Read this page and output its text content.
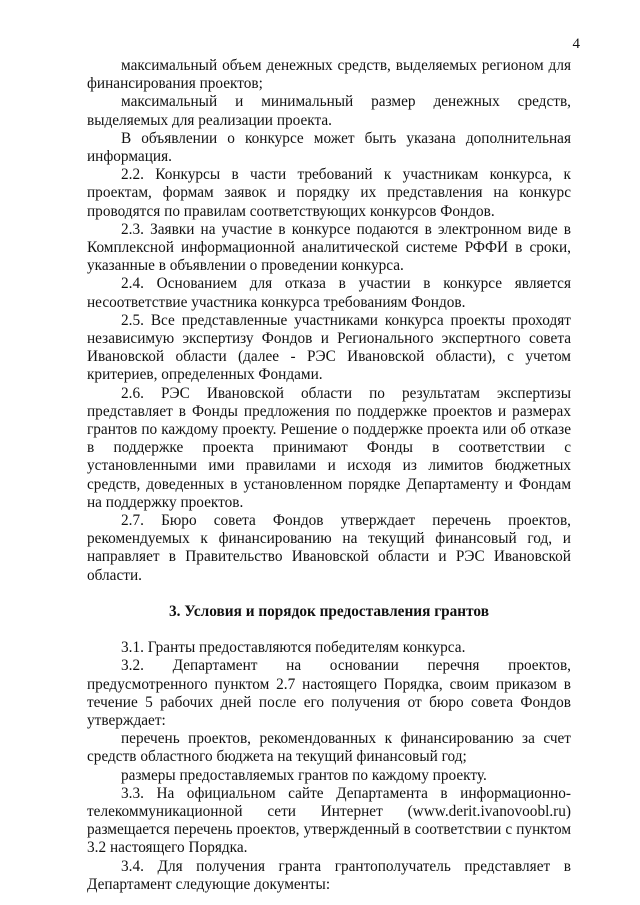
4

максимальный объем денежных средств, выделяемых регионом для финансирования проектов;

максимальный и минимальный размер денежных средств, выделяемых для реализации проекта.

В объявлении о конкурсе может быть указана дополнительная информация.

2.2. Конкурсы в части требований к участникам конкурса, к проектам, формам заявок и порядку их представления на конкурс проводятся по правилам соответствующих конкурсов Фондов.

2.3. Заявки на участие в конкурсе подаются в электронном виде в Комплексной информационной аналитической системе РФФИ в сроки, указанные в объявлении о проведении конкурса.

2.4. Основанием для отказа в участии в конкурсе является несоответствие участника конкурса требованиям Фондов.

2.5. Все представленные участниками конкурса проекты проходят независимую экспертизу Фондов и Регионального экспертного совета Ивановской области (далее - РЭС Ивановской области), с учетом критериев, определенных Фондами.

2.6. РЭС Ивановской области по результатам экспертизы представляет в Фонды предложения по поддержке проектов и размерах грантов по каждому проекту. Решение о поддержке проекта или об отказе в поддержке проекта принимают Фонды в соответствии с установленными ими правилами и исходя из лимитов бюджетных средств, доведенных в установленном порядке Департаменту и Фондам на поддержку проектов.

2.7. Бюро совета Фондов утверждает перечень проектов, рекомендуемых к финансированию на текущий финансовый год, и направляет в Правительство Ивановской области и РЭС Ивановской области.

3. Условия и порядок предоставления грантов

3.1. Гранты предоставляются победителям конкурса.

3.2. Департамент на основании перечня проектов, предусмотренного пунктом 2.7 настоящего Порядка, своим приказом в течение 5 рабочих дней после его получения от бюро совета Фондов утверждает:

перечень проектов, рекомендованных к финансированию за счет средств областного бюджета на текущий финансовый год;

размеры предоставляемых грантов по каждому проекту.

3.3. На официальном сайте Департамента в информационно-телекоммуникационной сети Интернет (www.derit.ivanovoobl.ru) размещается перечень проектов, утвержденный в соответствии с пунктом 3.2 настоящего Порядка.

3.4. Для получения гранта грантополучатель представляет в Департамент следующие документы:
